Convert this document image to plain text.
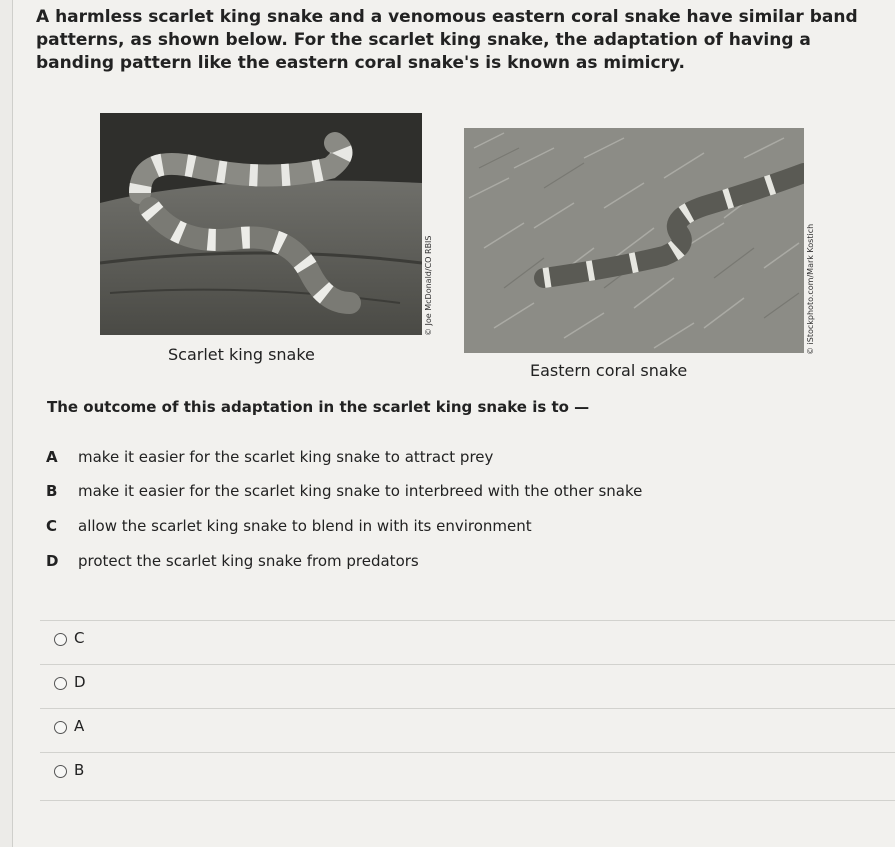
A harmless scarlet king snake and a venomous eastern coral snake have similar band patterns, as shown below. For the scarlet king snake, the adaptation of having a banding pattern like the eastern coral snake's is known as mimicry.
© Joe McDonald/CO RBIS	© iStockphoto.com/Mark Kostich
Scarlet king snake
Eastern coral snake
The outcome of this adaptation in the scarlet king snake is to —
A make it easier for the scarlet king snake to attract prey
B make it easier for the scarlet king snake to interbreed with the other snake
C allow the scarlet king snake to blend in with its environment
D protect the scarlet king snake from predators
C
D
A
B
